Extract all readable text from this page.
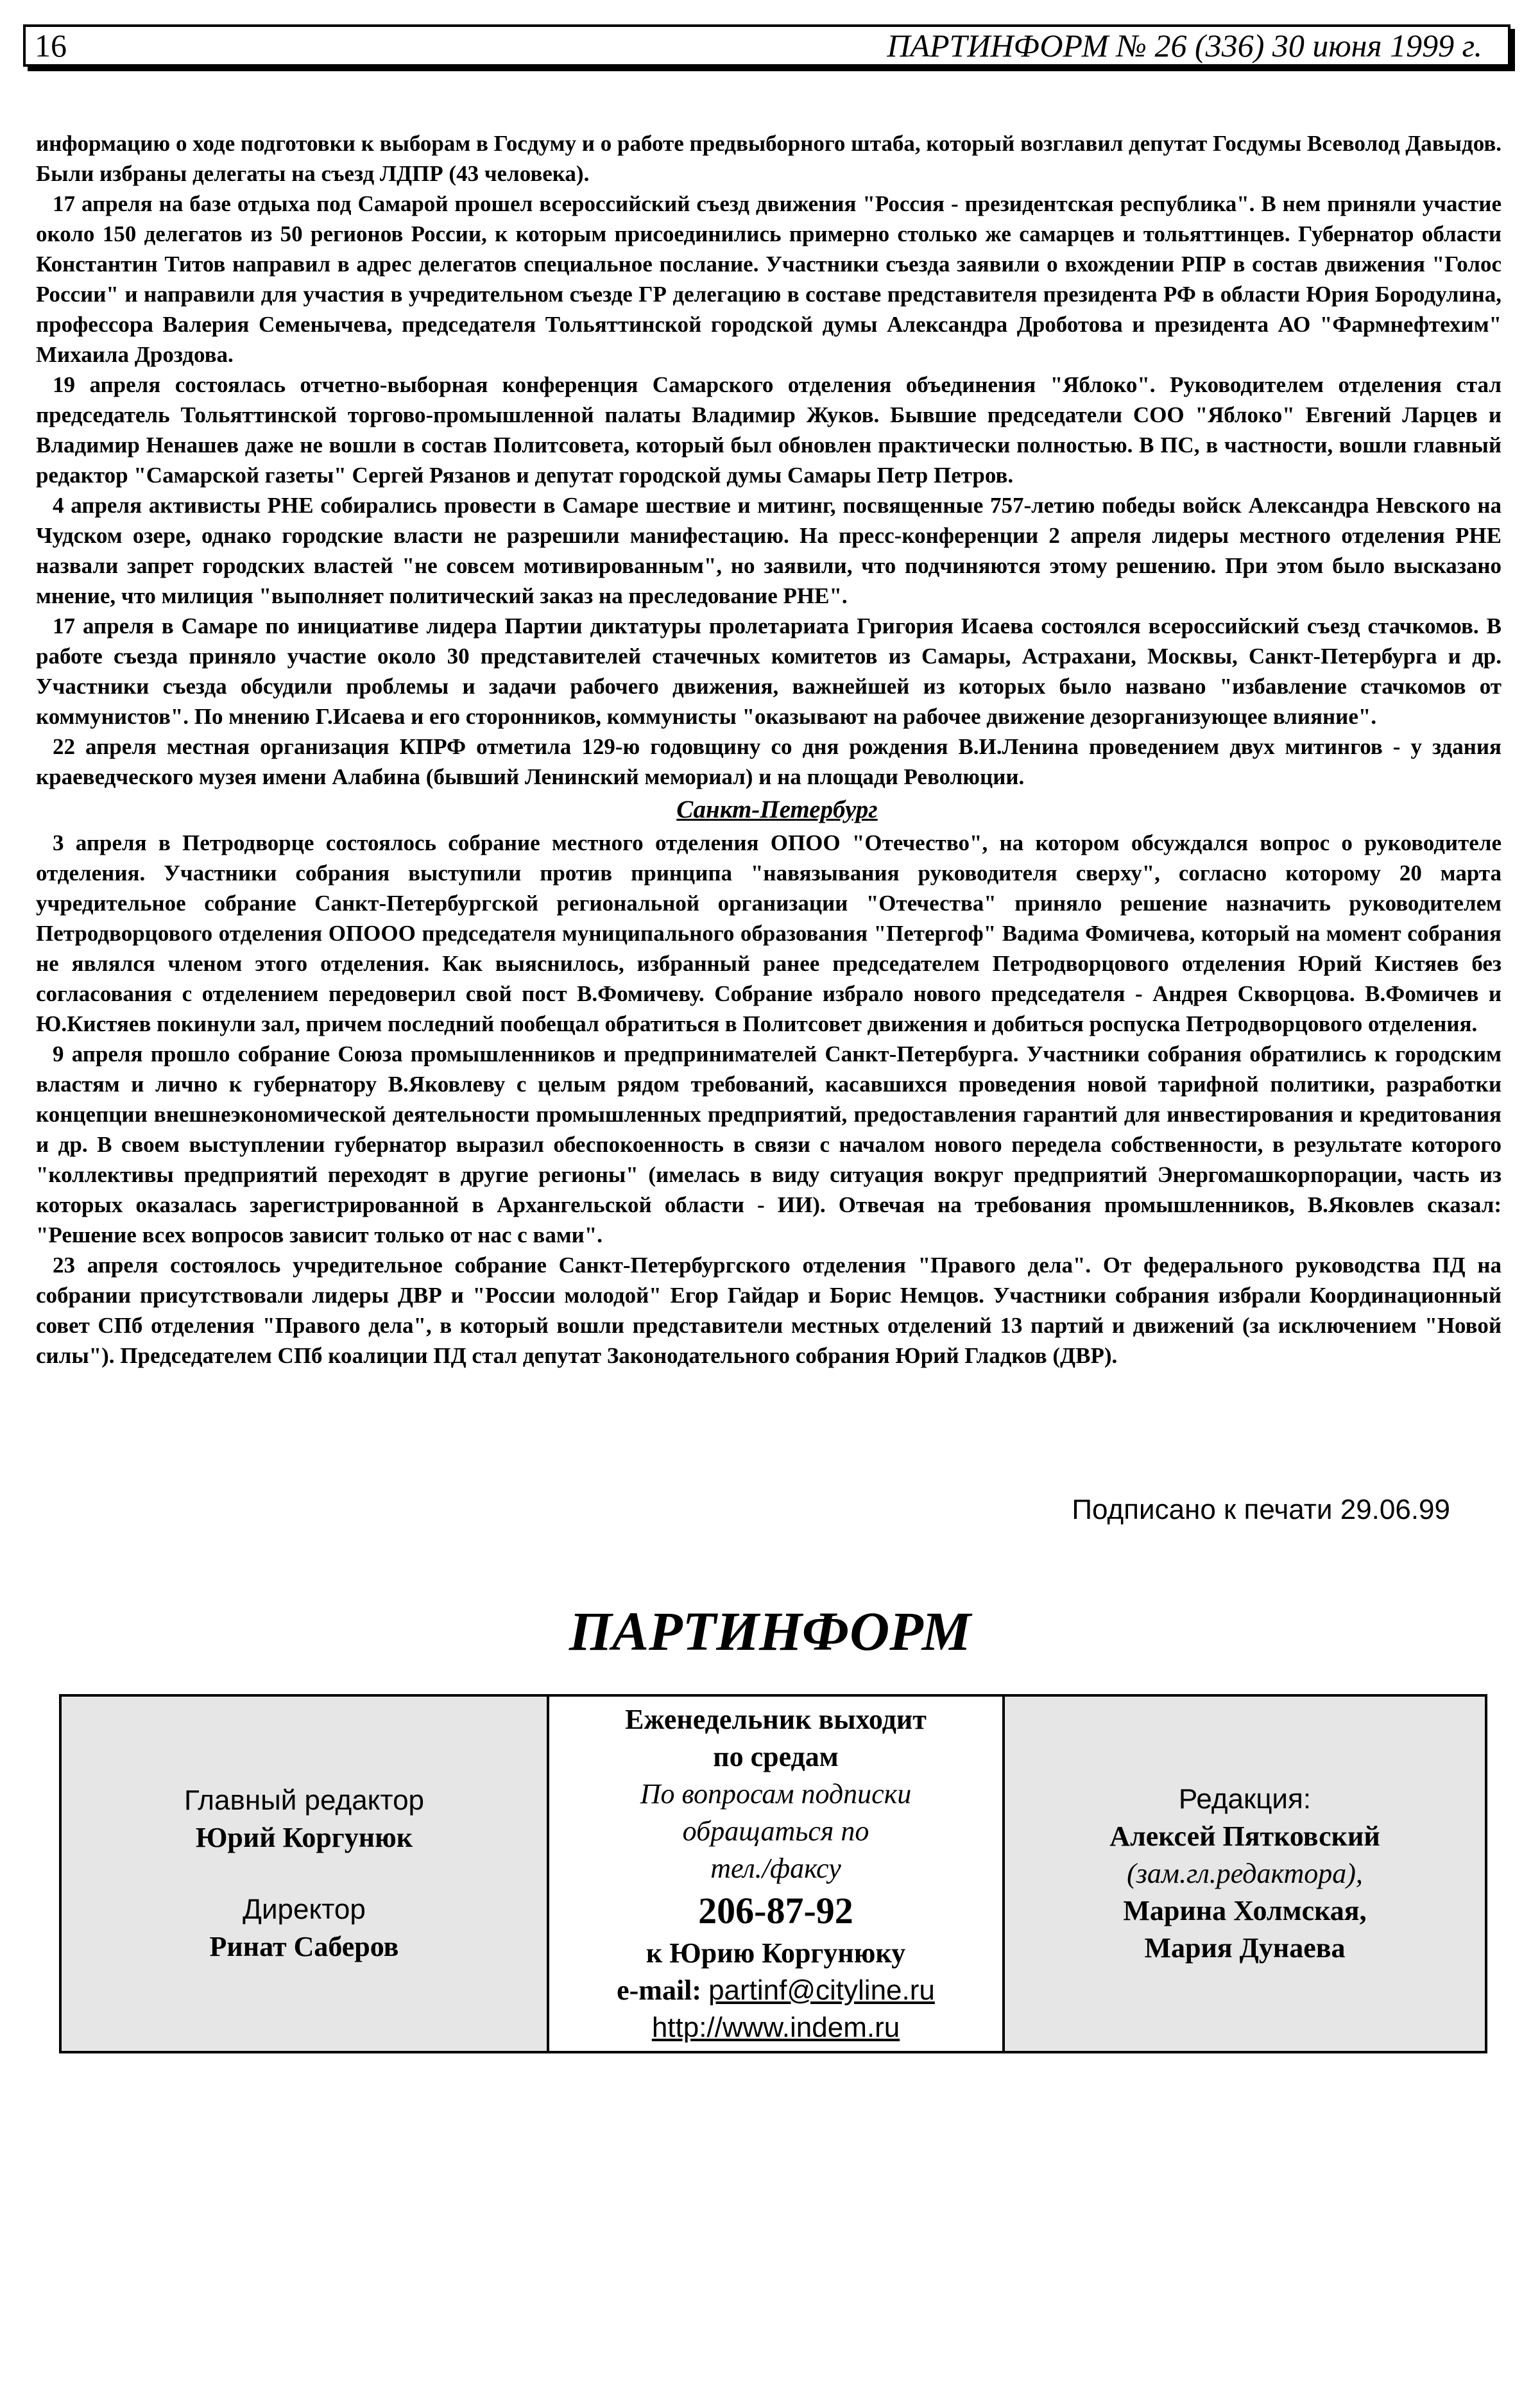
16	ПАРТИНФОРМ № 26 (336) 30 июня 1999 г.

информацию о ходе подготовки к выборам в Госдуму и о работе предвыборного штаба, который возглавил депутат Госдумы Всеволод Давыдов. Были избраны делегаты на съезд ЛДПР (43 человека).

17 апреля на базе отдыха под Самарой прошел всероссийский съезд движения "Россия - президентская республика". В нем приняли участие около 150 делегатов из 50 регионов России, к которым присоединились примерно столько же самарцев и тольяттинцев. Губернатор области Константин Титов направил в адрес делегатов специальное послание. Участники съезда заявили о вхождении РПР в состав движения "Голос России" и направили для участия в учредительном съезде ГР делегацию в составе представителя президента РФ в области Юрия Бородулина, профессора Валерия Семенычева, председателя Тольяттинской городской думы Александра Дроботова и президента АО "Фармнефтехим" Михаила Дроздова.

19 апреля состоялась отчетно-выборная конференция Самарского отделения объединения "Яблоко". Руководителем отделения стал председатель Тольяттинской торгово-промышленной палаты Владимир Жуков. Бывшие председатели СОО "Яблоко" Евгений Ларцев и Владимир Ненашев даже не вошли в состав Политсовета, который был обновлен практически полностью. В ПС, в частности, вошли главный редактор "Самарской газеты" Сергей Рязанов и депутат городской думы Самары Петр Петров.

4 апреля активисты РНЕ собирались провести в Самаре шествие и митинг, посвященные 757-летию победы войск Александра Невского на Чудском озере, однако городские власти не разрешили манифестацию. На пресс-конференции 2 апреля лидеры местного отделения РНЕ назвали запрет городских властей "не совсем мотивированным", но заявили, что подчиняются этому решению. При этом было высказано мнение, что милиция "выполняет политический заказ на преследование РНЕ".

17 апреля в Самаре по инициативе лидера Партии диктатуры пролетариата Григория Исаева состоялся всероссийский съезд стачкомов. В работе съезда приняло участие около 30 представителей стачечных комитетов из Самары, Астрахани, Москвы, Санкт-Петербурга и др. Участники съезда обсудили проблемы и задачи рабочего движения, важнейшей из которых было названо "избавление стачкомов от коммунистов". По мнению Г.Исаева и его сторонников, коммунисты "оказывают на рабочее движение дезорганизующее влияние".

22 апреля местная организация КПРФ отметила 129-ю годовщину со дня рождения В.И.Ленина проведением двух митингов - у здания краеведческого музея имени Алабина (бывший Ленинский мемориал) и на площади Революции.

Санкт-Петербург

3 апреля в Петродворце состоялось собрание местного отделения ОПОО "Отечество", на котором обсуждался вопрос о руководителе отделения. Участники собрания выступили против принципа "навязывания руководителя сверху", согласно которому 20 марта учредительное собрание Санкт-Петербургской региональной организации "Отечества" приняло решение назначить руководителем Петродворцового отделения ОПООО председателя муниципального образования "Петергоф" Вадима Фомичева, который на момент собрания не являлся членом этого отделения. Как выяснилось, избранный ранее председателем Петродворцового отделения Юрий Кистяев без согласования с отделением передоверил свой пост В.Фомичеву. Собрание избрало нового председателя - Андрея Скворцова. В.Фомичев и Ю.Кистяев покинули зал, причем последний пообещал обратиться в Политсовет движения и добиться роспуска Петродворцового отделения.

9 апреля прошло собрание Союза промышленников и предпринимателей Санкт-Петербурга. Участники собрания обратились к городским властям и лично к губернатору В.Яковлеву с целым рядом требований, касавшихся проведения новой тарифной политики, разработки концепции внешнеэкономической деятельности промышленных предприятий, предоставления гарантий для инвестирования и кредитования и др. В своем выступлении губернатор выразил обеспокоенность в связи с началом нового передела собственности, в результате которого "коллективы предприятий переходят в другие регионы" (имелась в виду ситуация вокруг предприятий Энергомашкорпорации, часть из которых оказалась зарегистрированной в Архангельской области - ИИ). Отвечая на требования промышленников, В.Яковлев сказал: "Решение всех вопросов зависит только от нас с вами".

23 апреля состоялось учредительное собрание Санкт-Петербургского отделения "Правого дела". От федерального руководства ПД на собрании присутствовали лидеры ДВР и "России молодой" Егор Гайдар и Борис Немцов. Участники собрания избрали Координационный совет СПб отделения "Правого дела", в который вошли представители местных отделений 13 партий и движений (за исключением "Новой силы"). Председателем СПб коалиции ПД стал депутат Законодательного собрания Юрий Гладков (ДВР).

Подписано к печати 29.06.99
ПАРТИНФОРМ
Главный редактор
Юрий Коргунюк
Директор
Ринат Саберов
Еженедельник выходит
по средам
По вопросам подписки
обращаться по
тел./факсу
206-87-92
к Юрию Коргунюку
e-mail: partinf@cityline.ru
http://www.indem.ru
Редакция:
Алексей Пятковский
(зам.гл.редактора),
Марина Холмская,
Мария Дунаева
